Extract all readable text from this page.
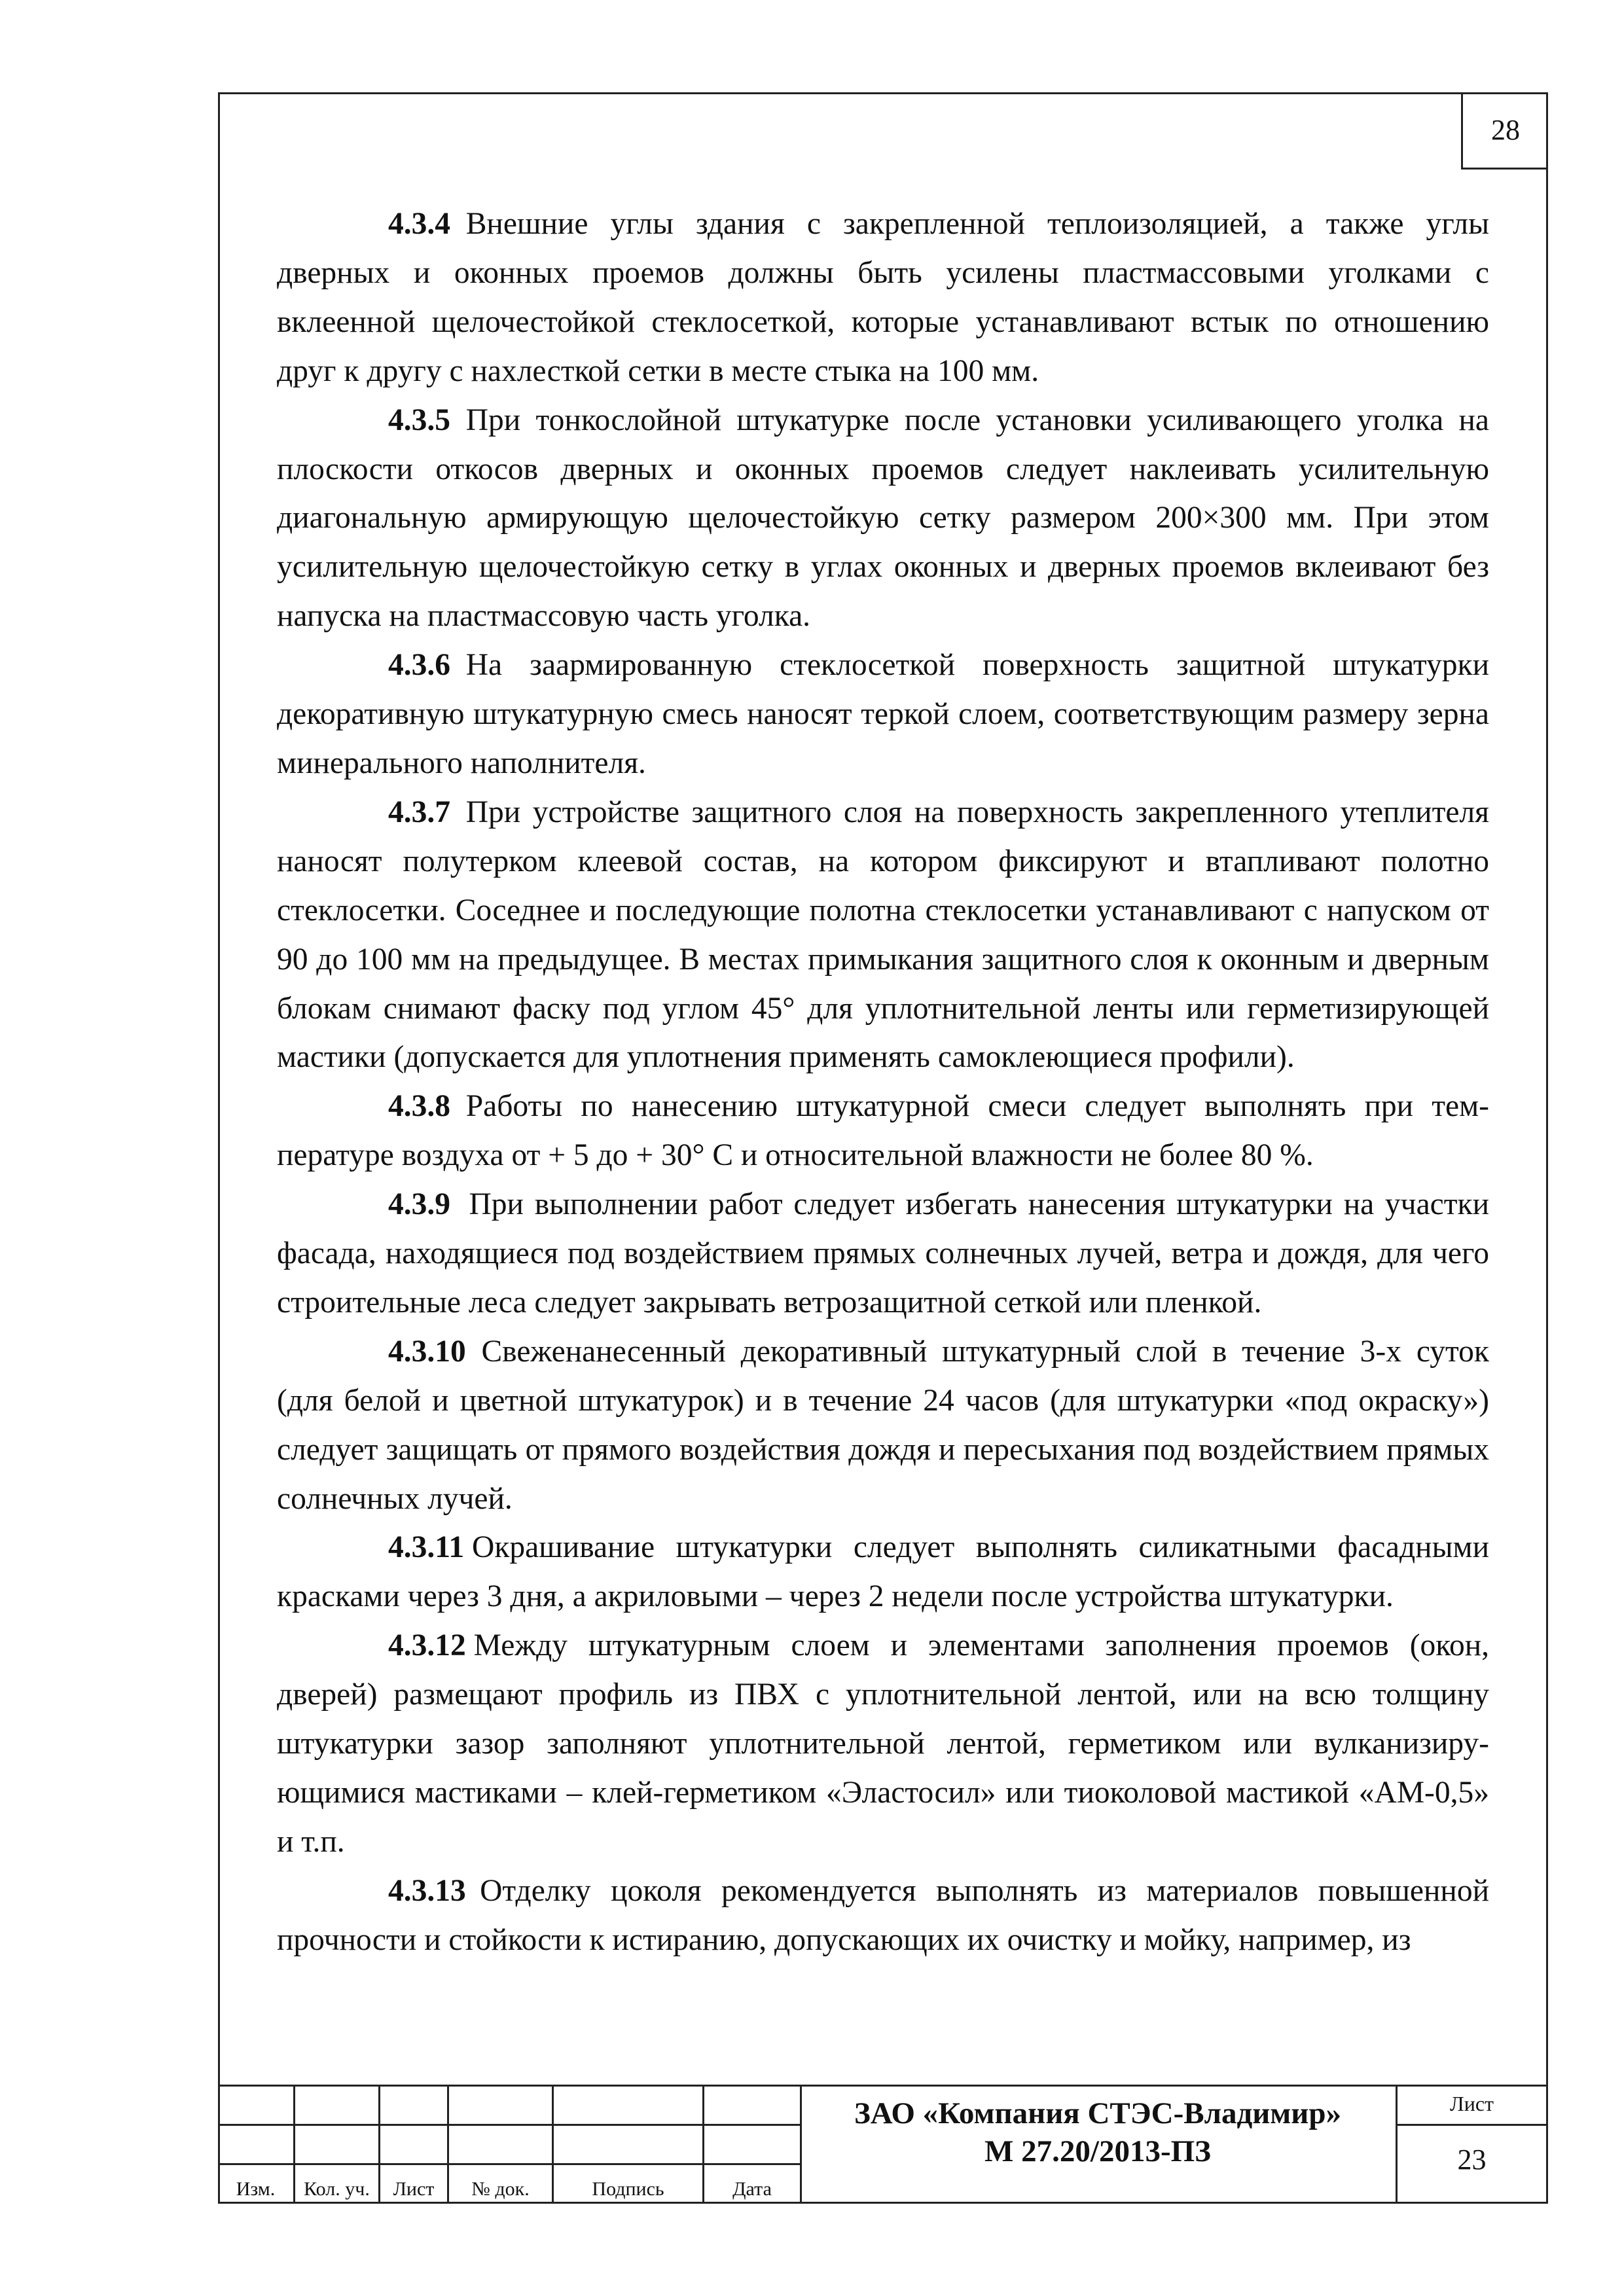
28

4.3.4 Внешние углы здания с закрепленной теплоизоляцией, а также углы дверных и оконных проемов должны быть усилены пластмассовыми уголками с вклеенной щелочестойкой стеклосеткой, которые устанавливают встык по отношению друг к другу с нахлесткой сетки в месте стыка на 100 мм.

4.3.5 При тонкослойной штукатурке после установки усиливающего уголка на плоскости откосов дверных и оконных проемов следует наклеивать усилительную диагональную армирующую щелочестойкую сетку размером 200×300 мм. При этом усилительную щелочестойкую сетку в углах оконных и дверных проемов вклеивают без напуска на пластмассовую часть уголка.

4.3.6 На заармированную стеклосеткой поверхность защитной штукатурки декоративную штукатурную смесь наносят теркой слоем, соответствующим размеру зерна минерального наполнителя.

4.3.7 При устройстве защитного слоя на поверхность закрепленного утеплителя наносят полутерком клеевой состав, на котором фиксируют и втапливают полотно стеклосетки. Соседнее и последующие полотна стеклосетки устанавливают с напуском от 90 до 100 мм на предыдущее. В местах примыкания защитного слоя к оконным и дверным блокам снимают фаску под углом 45° для уплотнительной ленты или герметизирующей мастики (допускается для уплотнения применять самоклеющиеся профили).

4.3.8 Работы по нанесению штукатурной смеси следует выполнять при температуре воздуха от + 5 до + 30° С и относительной влажности не более 80 %.

4.3.9 При выполнении работ следует избегать нанесения штукатурки на участки фасада, находящиеся под воздействием прямых солнечных лучей, ветра и дождя, для чего строительные леса следует закрывать ветрозащитной сеткой или пленкой.

4.3.10 Свеженанесенный декоративный штукатурный слой в течение 3-х суток (для белой и цветной штукатурок) и в течение 24 часов (для штукатурки «под окраску») следует защищать от прямого воздействия дождя и пересыхания под воздействием прямых солнечных лучей.

4.3.11 Окрашивание штукатурки следует выполнять силикатными фасадными красками через 3 дня, а акриловыми – через 2 недели после устройства штукатурки.

4.3.12 Между штукатурным слоем и элементами заполнения проемов (окон, дверей) размещают профиль из ПВХ с уплотнительной лентой, или на всю толщину штукатурки зазор заполняют уплотнительной лентой, герметиком или вулканизирующимися мастиками – клей-герметиком «Эластосил» или тиоколовой мастикой «АМ-0,5» и т.п.

4.3.13 Отделку цоколя рекомендуется выполнять из материалов повышенной прочности и стойкости к истиранию, допускающих их очистку и мойку, например, из

Изм.	Кол. уч.	Лист	№ док.	Подпись	Дата
ЗАО «Компания СТЭС-Владимир»
М 27.20/2013-ПЗ
Лист
23
